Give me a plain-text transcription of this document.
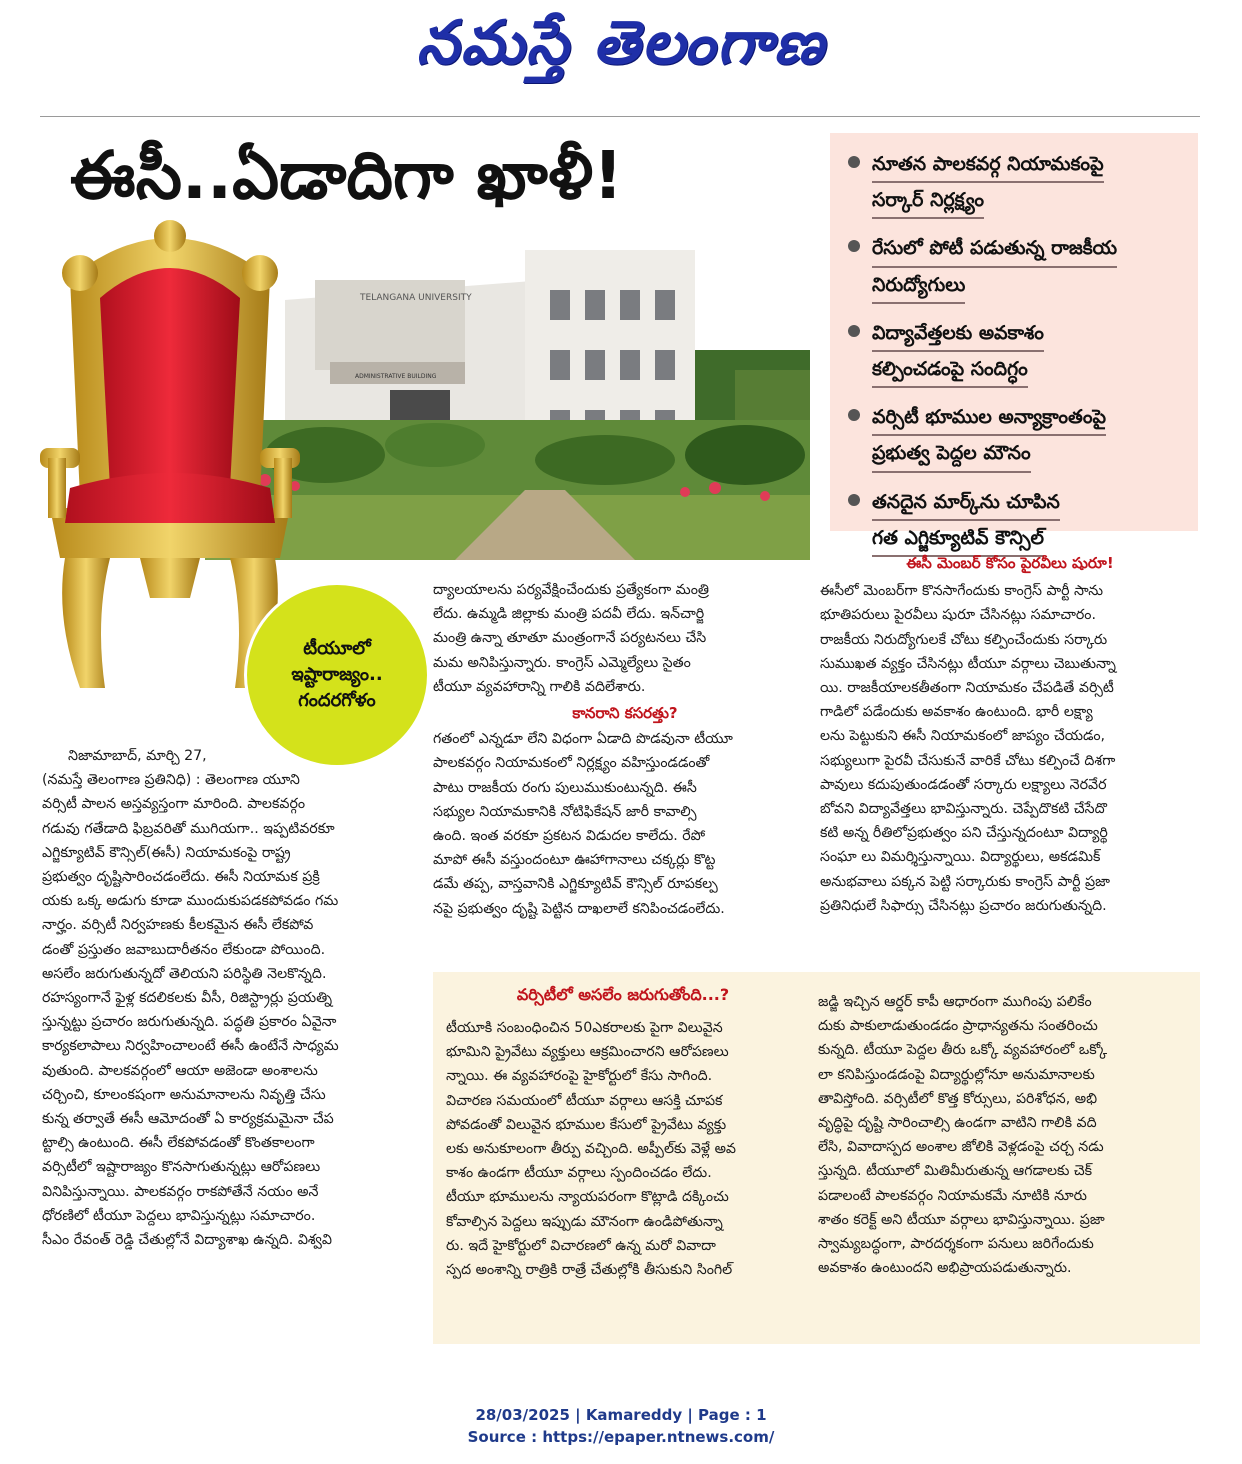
నమస్తే తెలంగాణ
ఈసీ..ఏడాదిగా ఖాళీ!
TELANGANA UNIVERSITY
ADMINISTRATIVE BUILDING
టీయూలో
ఇష్టారాజ్యం..
గందరగోళం
నూతన పాలకవర్గ నియామకంపై
సర్కార్ నిర్లక్ష్యం
రేసులో పోటీ పడుతున్న రాజకీయ
నిరుద్యోగులు
విద్యావేత్తలకు అవకాశం
కల్పించడంపై సందిగ్ధం
వర్సిటీ భూముల అన్యాక్రాంతంపై
ప్రభుత్వ పెద్దల మౌనం
తనదైన మార్క్‌ను చూపిన
గత ఎగ్జిక్యూటివ్ కౌన్సిల్

నిజామాబాద్, మార్చి 27,

(నమస్తే తెలంగాణ ప్రతినిధి) : తెలంగాణ యూని

వర్సిటీ పాలన అస్తవ్యస్తంగా మారింది. పాలకవర్గం

గడువు గతేడాది ఫిబ్రవరితో ముగియగా.. ఇప్పటివరకూ

ఎగ్జిక్యూటివ్ కౌన్సిల్(ఈసీ) నియామకంపై రాష్ట్ర

ప్రభుత్వం దృష్టిసారించడంలేదు. ఈసీ నియామక ప్రక్రి

యకు ఒక్క అడుగు కూడా ముందుకుపడకపోవడం గమ

నార్హం. వర్సిటీ నిర్వహణకు కీలకమైన ఈసీ లేకపోవ

డంతో ప్రస్తుతం జవాబుదారీతనం లేకుండా పోయింది.

అసలేం జరుగుతున్నదో తెలియని పరిస్థితి నెలకొన్నది.

రహస్యంగానే ఫైళ్ల కదలికలకు వీసీ, రిజిస్ట్రార్లు ప్రయత్ని

స్తున్నట్టు ప్రచారం జరుగుతున్నది. పద్ధతి ప్రకారం ఏవైనా

కార్యకలాపాలు నిర్వహించాలంటే ఈసీ ఉంటేనే సాధ్యమ

వుతుంది. పాలకవర్గంలో ఆయా అజెండా అంశాలను

చర్చించి, కూలంకషంగా అనుమానాలను నివృత్తి చేసు

కున్న తర్వాతే ఈసీ ఆమోదంతో ఏ కార్యక్రమమైనా చేప

ట్టాల్సి ఉంటుంది. ఈసీ లేకపోవడంతో కొంతకాలంగా

వర్సిటీలో ఇష్టారాజ్యం కొనసాగుతున్నట్లు ఆరోపణలు

వినిపిస్తున్నాయి. పాలకవర్గం రాకపోతేనే నయం అనే

ధోరణిలో టీయూ పెద్దలు భావిస్తున్నట్లు సమాచారం.

సీఎం రేవంత్ రెడ్డి చేతుల్లోనే విద్యాశాఖ ఉన్నది. విశ్వవి

ద్యాలయాలను పర్యవేక్షించేందుకు ప్రత్యేకంగా మంత్రి

లేదు. ఉమ్మడి జిల్లాకు మంత్రి పదవీ లేదు. ఇన్‌చార్జి

మంత్రి ఉన్నా తూతూ మంత్రంగానే పర్యటనలు చేసి

మమ అనిపిస్తున్నారు. కాంగ్రెస్ ఎమ్మెల్యేలు సైతం

టీయూ వ్యవహారాన్ని గాలికి వదిలేశారు.

కానరాని కసరత్తు?

గతంలో ఎన్నడూ లేని విధంగా ఏడాది పొడవునా టీయూ

పాలకవర్గం నియామకంలో నిర్లక్ష్యం వహిస్తుండడంతో

పాటు రాజకీయ రంగు పులుముకుంటున్నది. ఈసీ

సభ్యుల నియామకానికి నోటిఫికేషన్ జారీ కావాల్సి

ఉంది. ఇంత వరకూ ప్రకటన విడుదల కాలేదు. రేపో

మాపో ఈసీ వస్తుందంటూ ఊహాగానాలు చక్కర్లు కొట్ట

డమే తప్ప, వాస్తవానికి ఎగ్జిక్యూటివ్ కౌన్సిల్ రూపకల్ప

నపై ప్రభుత్వం దృష్టి పెట్టిన దాఖలాలే కనిపించడంలేదు.

ఈసీ మెంబర్ కోసం పైరవీలు షురూ!

ఈసీలో మెంబర్‌గా కొనసాగేందుకు కాంగ్రెస్ పార్టీ సాను

భూతిపరులు పైరవీలు షురూ చేసినట్లు సమాచారం.

రాజకీయ నిరుద్యోగులకే చోటు కల్పించేందుకు సర్కారు

సుముఖత వ్యక్తం చేసినట్లు టీయూ వర్గాలు చెబుతున్నా

యి. రాజకీయాలకతీతంగా నియామకం చేపడితే వర్సిటీ

గాడిలో పడేందుకు అవకాశం ఉంటుంది. భారీ లక్ష్యా

లను పెట్టుకుని ఈసీ నియామకంలో జాప్యం చేయడం,

సభ్యులుగా పైరవీ చేసుకునే వారికే చోటు కల్పించే దిశగా

పావులు కదుపుతుండడంతో సర్కారు లక్ష్యాలు నెరవేర

బోవని విద్యావేత్తలు భావిస్తున్నారు. చెప్పేదొకటి చేసేదొ

కటి అన్న రీతిలోప్రభుత్వం పని చేస్తున్నదంటూ విద్యార్థి

సంఘా లు విమర్శిస్తున్నాయి. విద్యార్థులు, అకడమిక్

అనుభవాలు పక్కన పెట్టి సర్కారుకు కాంగ్రెస్ పార్టీ ప్రజా

ప్రతినిధులే సిఫార్సు చేసినట్లు ప్రచారం జరుగుతున్నది.

వర్సిటీలో అసలేం జరుగుతోంది...?

టీయూకి సంబంధించిన 50ఎకరాలకు పైగా విలువైన

భూమిని ప్రైవేటు వ్యక్తులు ఆక్రమించారని ఆరోపణలు

న్నాయి. ఈ వ్యవహారంపై హైకోర్టులో కేసు సాగింది.

విచారణ సమయంలో టీయూ వర్గాలు ఆసక్తి చూపక

పోవడంతో విలువైన భూముల కేసులో ప్రైవేటు వ్యక్తు

లకు అనుకూలంగా తీర్పు వచ్చింది. అప్పీల్‌కు వెళ్లే అవ

కాశం ఉండగా టీయూ వర్గాలు స్పందించడం లేదు.

టీయూ భూములను న్యాయపరంగా కొట్లాడి దక్కించు

కోవాల్సిన పెద్దలు ఇప్పుడు మౌనంగా ఉండిపోతున్నా

రు. ఇదే హైకోర్టులో విచారణలో ఉన్న మరో వివాదా

స్పద అంశాన్ని రాత్రికి రాత్రే చేతుల్లోకి తీసుకుని సింగిల్

జడ్జి ఇచ్చిన ఆర్డర్ కాపీ ఆధారంగా ముగింపు పలికేం

దుకు పాకులాడుతుండడం ప్రాధాన్యతను సంతరించు

కున్నది. టీయూ పెద్దల తీరు ఒక్కో వ్యవహారంలో ఒక్కో

లా కనిపిస్తుండడంపై విద్యార్థుల్లోనూ అనుమానాలకు

తావిస్తోంది. వర్సిటీలో కొత్త కోర్సులు, పరిశోధన, అభి

వృద్ధిపై దృష్టి సారించాల్సి ఉండగా వాటిని గాలికి వది

లేసి, వివాదాస్పద అంశాల జోలికి వెళ్లడంపై చర్చ నడు

స్తున్నది. టీయూలో మితిమీరుతున్న ఆగడాలకు చెక్

పడాలంటే పాలకవర్గం నియామకమే నూటికి నూరు

శాతం కరెక్ట్ అని టీయూ వర్గాలు భావిస్తున్నాయి. ప్రజా

స్వామ్యబద్ధంగా, పారదర్శకంగా పనులు జరిగేందుకు

అవకాశం ఉంటుందని అభిప్రాయపడుతున్నారు.

28/03/2025 | Kamareddy | Page : 1
Source : https://epaper.ntnews.com/
